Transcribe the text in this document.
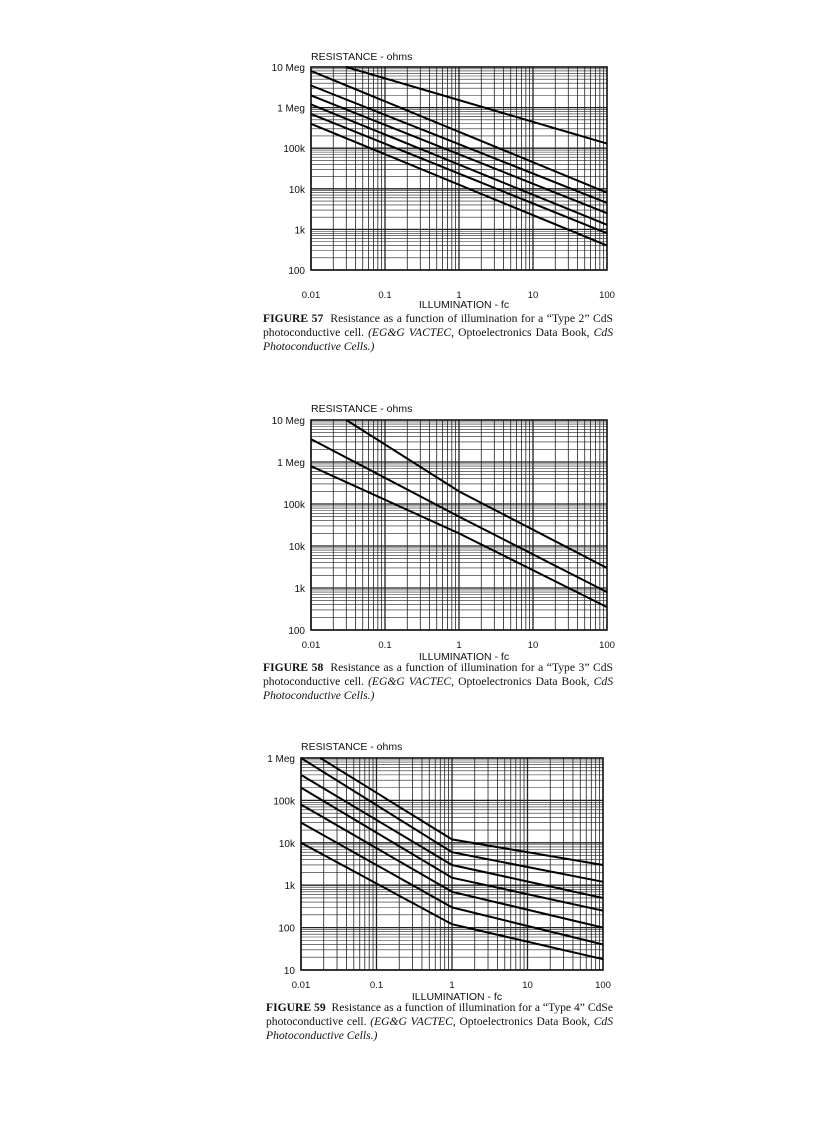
100
1k
10k
100k
1 Meg
10 Meg
0.01	0.1	1	10	100
RESISTANCE - ohms
ILLUMINATION - fc
FIGURE 57 Resistance as a function of illumination for a “Type 2” CdS photoconductive cell. (EG&G VACTEC, Optoelectronics Data Book, CdS Photoconductive Cells.)
100
1k
10k
100k
1 Meg
10 Meg
0.01	0.1	1	10	100
RESISTANCE - ohms
ILLUMINATION - fc
FIGURE 58 Resistance as a function of illumination for a “Type 3” CdS photoconductive cell. (EG&G VACTEC, Optoelectronics Data Book, CdS Photoconductive Cells.)
10
100
1k
10k
100k
1 Meg
0.01	0.1	1	10	100
RESISTANCE - ohms
ILLUMINATION - fc
FIGURE 59 Resistance as a function of illumination for a “Type 4” CdSe photoconductive cell. (EG&G VACTEC, Optoelectronics Data Book, CdS Photoconductive Cells.)
